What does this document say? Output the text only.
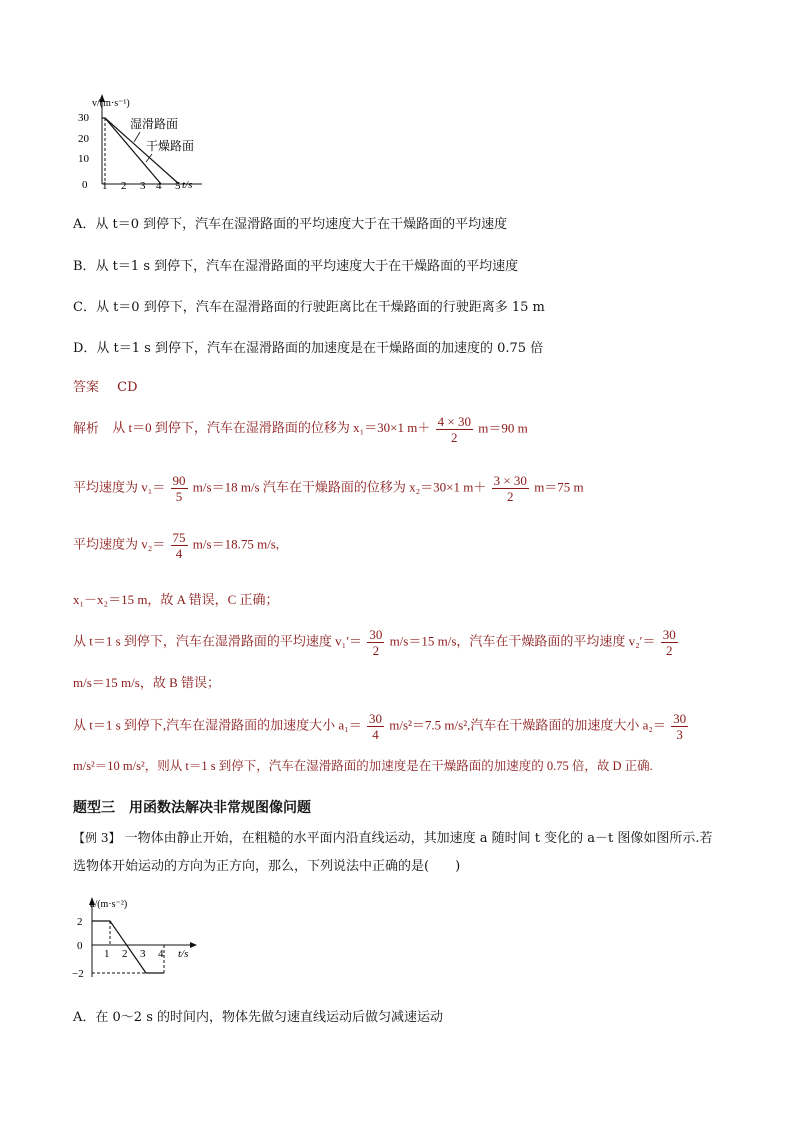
v/(m·s⁻¹)
30
20
10
0 1 2 3 4 5 t/s
湿滑路面
干燥路面
A．从 t＝0 到停下，汽车在湿滑路面的平均速度大于在干燥路面的平均速度
B．从 t＝1 s 到停下，汽车在湿滑路面的平均速度大于在干燥路面的平均速度
C．从 t＝0 到停下，汽车在湿滑路面的行驶距离比在干燥路面的行驶距离多 15 m
D．从 t＝1 s 到停下，汽车在湿滑路面的加速度是在干燥路面的加速度的 0.75 倍
答案 CD
解析 从 t＝0 到停下，汽车在湿滑路面的位移为 x₁＝30×1 $m+ \frac{4 \times 30}{2} m=90$ m
平均速度为 $v_1= \frac{90}{5} m/s=18$ m/s 汽车在干燥路面的位移为 x₂＝30×1 $m+ \frac{3 \times 30}{2} m=75$ m
平均速度为 $v_2= \frac{75}{4} m/s=18.75$ m/s,
x₁－x₂＝15 m，故 A 错误，C 正确；
从 t＝1 s 到停下，汽车在湿滑路面的平均速度 $v_1'= \frac{30}{2} m/s=15$ m/s，汽车在干燥路面的平均速度 $v_2'= \frac{30}{2}$
m/s＝15 m/s，故 B 错误；
从 t＝1 s 到停下,汽车在湿滑路面的加速度大小 $a_1= \frac{30}{4} m/s^2=7.5$ m/s²,汽车在干燥路面的加速度大小 $a_2= \frac{30}{3}$
m/s²＝10 m/s²，则从 t＝1 s 到停下，汽车在湿滑路面的加速度是在干燥路面的加速度的 0.75 倍，故 D 正确.
题型三　用函数法解决非常规图像问题
【例 3】 一物体由静止开始，在粗糙的水平面内沿直线运动，其加速度 a 随时间 t 变化的 a－t 图像如图所示.若
选物体开始运动的方向为正方向，那么，下列说法中正确的是(　　)
a/(m·s⁻²)
2
0
−2
1 2 3 4 t/s
A．在 0～2 s 的时间内，物体先做匀速直线运动后做匀减速运动
